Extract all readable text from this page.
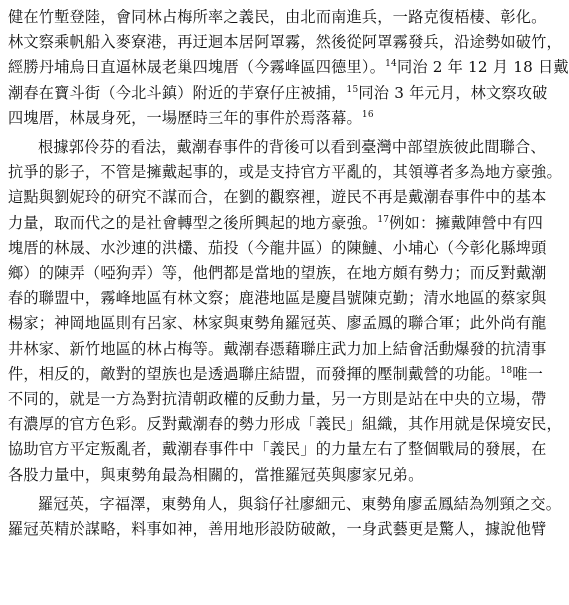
健在竹塹登陸，會同林占梅所率之義民，由北而南進兵，一路克復梧棲、彰化。
林文察乘帆船入麥寮港，再迂迴本居阿罩霧，然後從阿罩霧發兵，沿途勢如破竹，
經勝丹埔烏日直逼林晟老巢四塊厝（今霧峰區四德里）。$^{14}$同治 2 年 12 月 18 日戴
潮春在寶斗街（今北斗鎮）附近的芋寮仔庄被捕，$^{15}$同治 3 年元月，林文察攻破
四塊厝，林晟身死，一場歷時三年的事件於焉落幕。$^{16}$
根據郭伶芬的看法，戴潮春事件的背後可以看到臺灣中部望族彼此間聯合、
抗爭的影子，不管是擁戴起事的，或是支持官方平亂的，其領導者多為地方豪強。
這點與劉妮玲的研究不謀而合，在劉的觀察裡，遊民不再是戴潮春事件中的基本
力量，取而代之的是社會轉型之後所興起的地方豪強。$^{17}$例如：擁戴陣營中有四
塊厝的林晟、水沙連的洪欉、茄投（今龍井區）的陳鰱、小埔心（今彰化縣埤頭
鄉）的陳弄（啞狗弄）等，他們都是當地的望族，在地方頗有勢力；而反對戴潮
春的聯盟中，霧峰地區有林文察；鹿港地區是慶昌號陳克勤；清水地區的蔡家與
楊家；神岡地區則有呂家、林家與東勢角羅冠英、廖孟鳳的聯合軍；此外尚有龍
井林家、新竹地區的林占梅等。戴潮春憑藉聯庄武力加上結會活動爆發的抗清事
件，相反的，敵對的望族也是透過聯庄結盟，而發揮的壓制戴營的功能。$^{18}$唯一
不同的，就是一方為對抗清朝政權的反動力量，另一方則是站在中央的立場，帶
有濃厚的官方色彩。反對戴潮春的勢力形成「義民」組織，其作用就是保境安民，
協助官方平定叛亂者，戴潮春事件中「義民」的力量左右了整個戰局的發展，在
各股力量中，與東勢角最為相關的，當推羅冠英與廖家兄弟。
羅冠英，字福澤，東勢角人，與翁仔社廖細元、東勢角廖孟鳳結為刎頸之交。
羅冠英精於謀略，料事如神，善用地形設防破敵，一身武藝更是驚人，據說他臂
